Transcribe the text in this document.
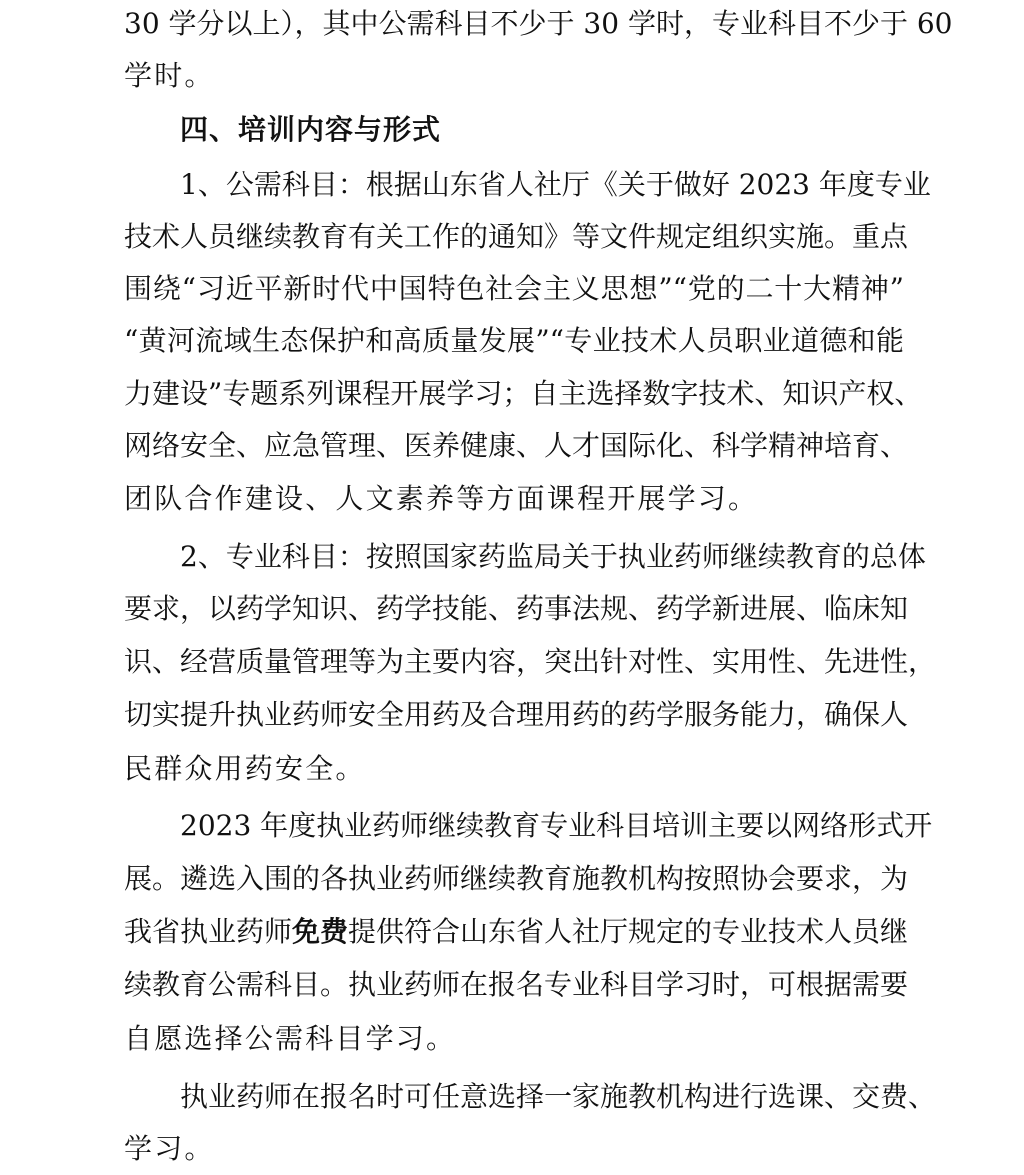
30 学分以上），其中公需科目不少于 30 学时，专业科目不少于 60
学时。
四、培训内容与形式
1、公需科目：根据山东省人社厅《关于做好 2023 年度专业
技术人员继续教育有关工作的通知》等文件规定组织实施。重点
围绕“习近平新时代中国特色社会主义思想”“党的二十大精神”
“黄河流域生态保护和高质量发展”“专业技术人员职业道德和能
力建设”专题系列课程开展学习；自主选择数字技术、知识产权、
网络安全、应急管理、医养健康、人才国际化、科学精神培育、
团队合作建设、人文素养等方面课程开展学习。
2、专业科目：按照国家药监局关于执业药师继续教育的总体
要求，以药学知识、药学技能、药事法规、药学新进展、临床知
识、经营质量管理等为主要内容，突出针对性、实用性、先进性，
切实提升执业药师安全用药及合理用药的药学服务能力，确保人
民群众用药安全。
2023 年度执业药师继续教育专业科目培训主要以网络形式开
展。遴选入围的各执业药师继续教育施教机构按照协会要求，为
我省执业药师免费提供符合山东省人社厅规定的专业技术人员继
续教育公需科目。执业药师在报名专业科目学习时，可根据需要
自愿选择公需科目学习。
执业药师在报名时可任意选择一家施教机构进行选课、交费、
学习。
